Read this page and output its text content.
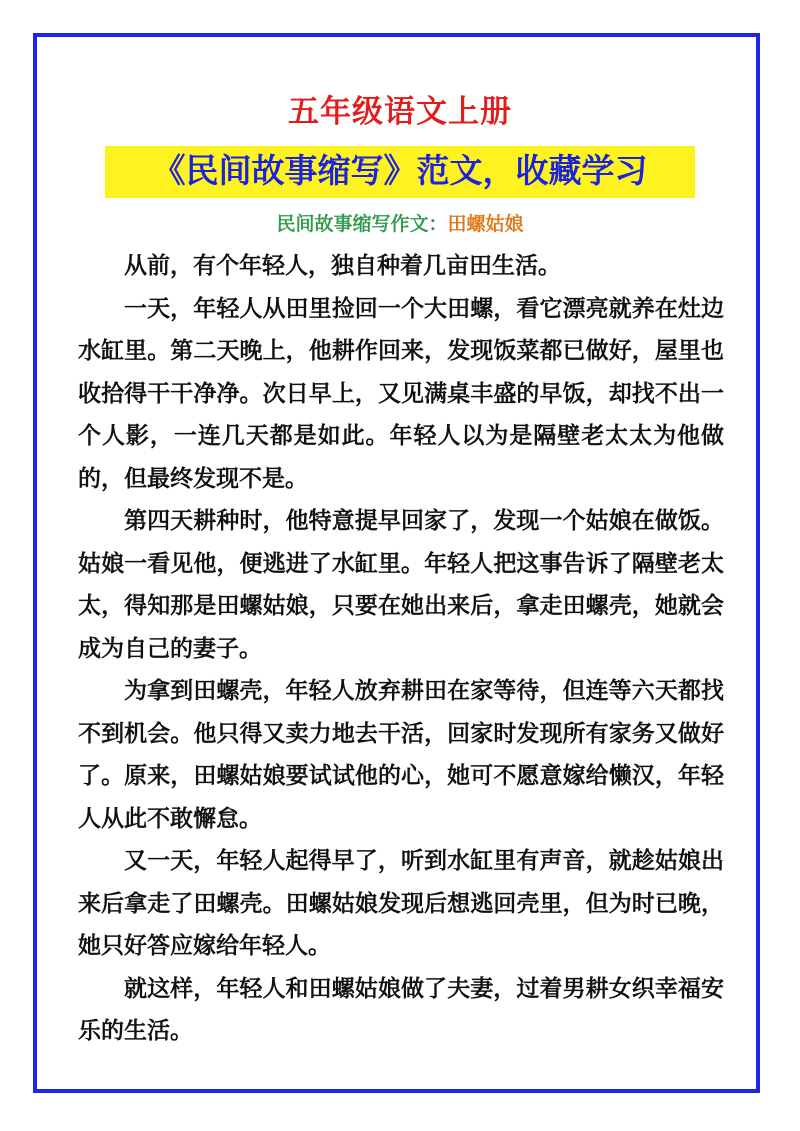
五年级语文上册
《民间故事缩写》范文，收藏学习
民间故事缩写作文：田螺姑娘

从前，有个年轻人，独自种着几亩田生活。

一天，年轻人从田里捡回一个大田螺，看它漂亮就养在灶边水缸里。第二天晚上，他耕作回来，发现饭菜都已做好，屋里也收拾得干干净净。次日早上，又见满桌丰盛的早饭，却找不出一个人影，一连几天都是如此。年轻人以为是隔壁老太太为他做的，但最终发现不是。

第四天耕种时，他特意提早回家了，发现一个姑娘在做饭。姑娘一看见他，便逃进了水缸里。年轻人把这事告诉了隔壁老太太，得知那是田螺姑娘，只要在她出来后，拿走田螺壳，她就会成为自己的妻子。

为拿到田螺壳，年轻人放弃耕田在家等待，但连等六天都找不到机会。他只得又卖力地去干活，回家时发现所有家务又做好了。原来，田螺姑娘要试试他的心，她可不愿意嫁给懒汉，年轻人从此不敢懈怠。

又一天，年轻人起得早了，听到水缸里有声音，就趁姑娘出来后拿走了田螺壳。田螺姑娘发现后想逃回壳里，但为时已晚，她只好答应嫁给年轻人。

就这样，年轻人和田螺姑娘做了夫妻，过着男耕女织幸福安乐的生活。
